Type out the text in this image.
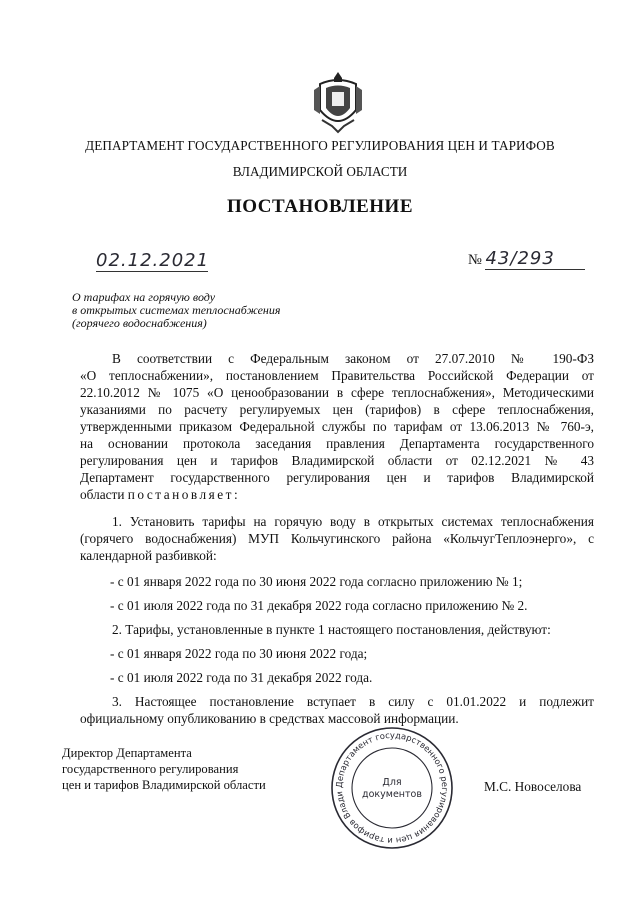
ДЕПАРТАМЕНТ ГОСУДАРСТВЕННОГО РЕГУЛИРОВАНИЯ ЦЕН И ТАРИФОВ
ВЛАДИМИРСКОЙ ОБЛАСТИ
ПОСТАНОВЛЕНИЕ
02.12.2021	№ 43/293
О тарифах на горячую воду
в открытых системах теплоснабжения
(горячего водоснабжения)
В соответствии с Федеральным законом от 27.07.2010 № 190-ФЗ
«О теплоснабжении», постановлением Правительства Российской Федерации от
22.10.2012 № 1075 «О ценообразовании в сфере теплоснабжения», Методическими
указаниями по расчету регулируемых цен (тарифов) в сфере теплоснабжения,
утвержденными приказом Федеральной службы по тарифам от 13.06.2013 № 760-э,
на основании протокола заседания правления Департамента государственного
регулирования цен и тарифов Владимирской области от 02.12.2021 № 43
Департамент государственного регулирования цен и тарифов Владимирской
области постановляет:
1. Установить тарифы на горячую воду в открытых системах теплоснабжения
(горячего водоснабжения) МУП Кольчугинского района «КольчугТеплоэнерго», с
календарной разбивкой:
- с 01 января 2022 года по 30 июня 2022 года согласно приложению № 1;
- с 01 июля 2022 года по 31 декабря 2022 года согласно приложению № 2.
2. Тарифы, установленные в пункте 1 настоящего постановления, действуют:
- с 01 января 2022 года по 30 июня 2022 года;
- с 01 июля 2022 года по 31 декабря 2022 года.
3. Настоящее постановление вступает в силу с 01.01.2022 и подлежит
официальному опубликованию в средствах массовой информации.
Директор Департамента
государственного регулирования
цен и тарифов Владимирской области	Департамент государственного регулирования цен и тарифов Влади
Для
документов
М.С. Новоселова
